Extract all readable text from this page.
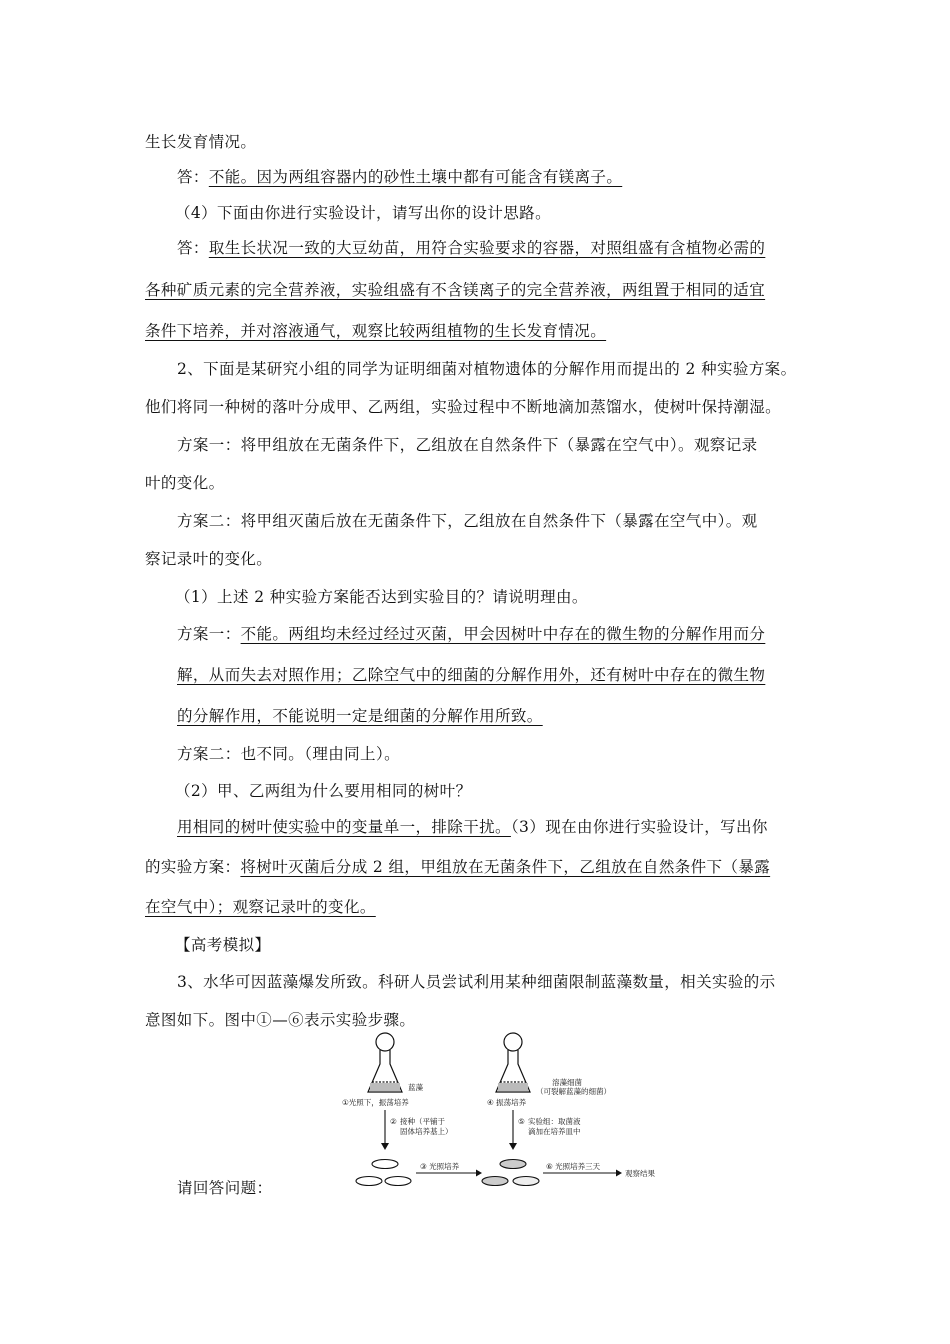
生长发育情况。
答：不能。因为两组容器内的砂性土壤中都有可能含有镁离子。
（4）下面由你进行实验设计，请写出你的设计思路。
答：取生长状况一致的大豆幼苗，用符合实验要求的容器，对照组盛有含植物必需的
各种矿质元素的完全营养液，实验组盛有不含镁离子的完全营养液，两组置于相同的适宜
条件下培养，并对溶液通气，观察比较两组植物的生长发育情况。
2、下面是某研究小组的同学为证明细菌对植物遗体的分解作用而提出的 2 种实验方案。
他们将同一种树的落叶分成甲、乙两组，实验过程中不断地滴加蒸馏水，使树叶保持潮湿。
方案一：将甲组放在无菌条件下，乙组放在自然条件下（暴露在空气中）。观察记录
叶的变化。
方案二：将甲组灭菌后放在无菌条件下，乙组放在自然条件下（暴露在空气中）。观
察记录叶的变化。
（1）上述 2 种实验方案能否达到实验目的？请说明理由。
方案一：不能。两组均未经过经过灭菌，甲会因树叶中存在的微生物的分解作用而分
解，从而失去对照作用；乙除空气中的细菌的分解作用外，还有树叶中存在的微生物
的分解作用，不能说明一定是细菌的分解作用所致。
方案二：也不同。（理由同上）。
（2）甲、乙两组为什么要用相同的树叶？
用相同的树叶使实验中的变量单一，排除干扰。（3）现在由你进行实验设计，写出你
的实验方案：将树叶灭菌后分成 2 组，甲组放在无菌条件下，乙组放在自然条件下（暴露
在空气中）；观察记录叶的变化。
【高考模拟】
3、水华可因蓝藻爆发所致。科研人员尝试利用某种细菌限制蓝藻数量，相关实验的示
意图如下。图中①—⑥表示实验步骤。
请回答问题：
蓝藻
①光照下，振荡培养
溶藻细菌
（可裂解蓝藻的细菌）
④ 振荡培养
② 接种（平铺于
固体培养基上）
⑤ 实验组：取菌液
滴加在培养皿中
③ 光照培养	⑥ 光照培养三天
观察结果
